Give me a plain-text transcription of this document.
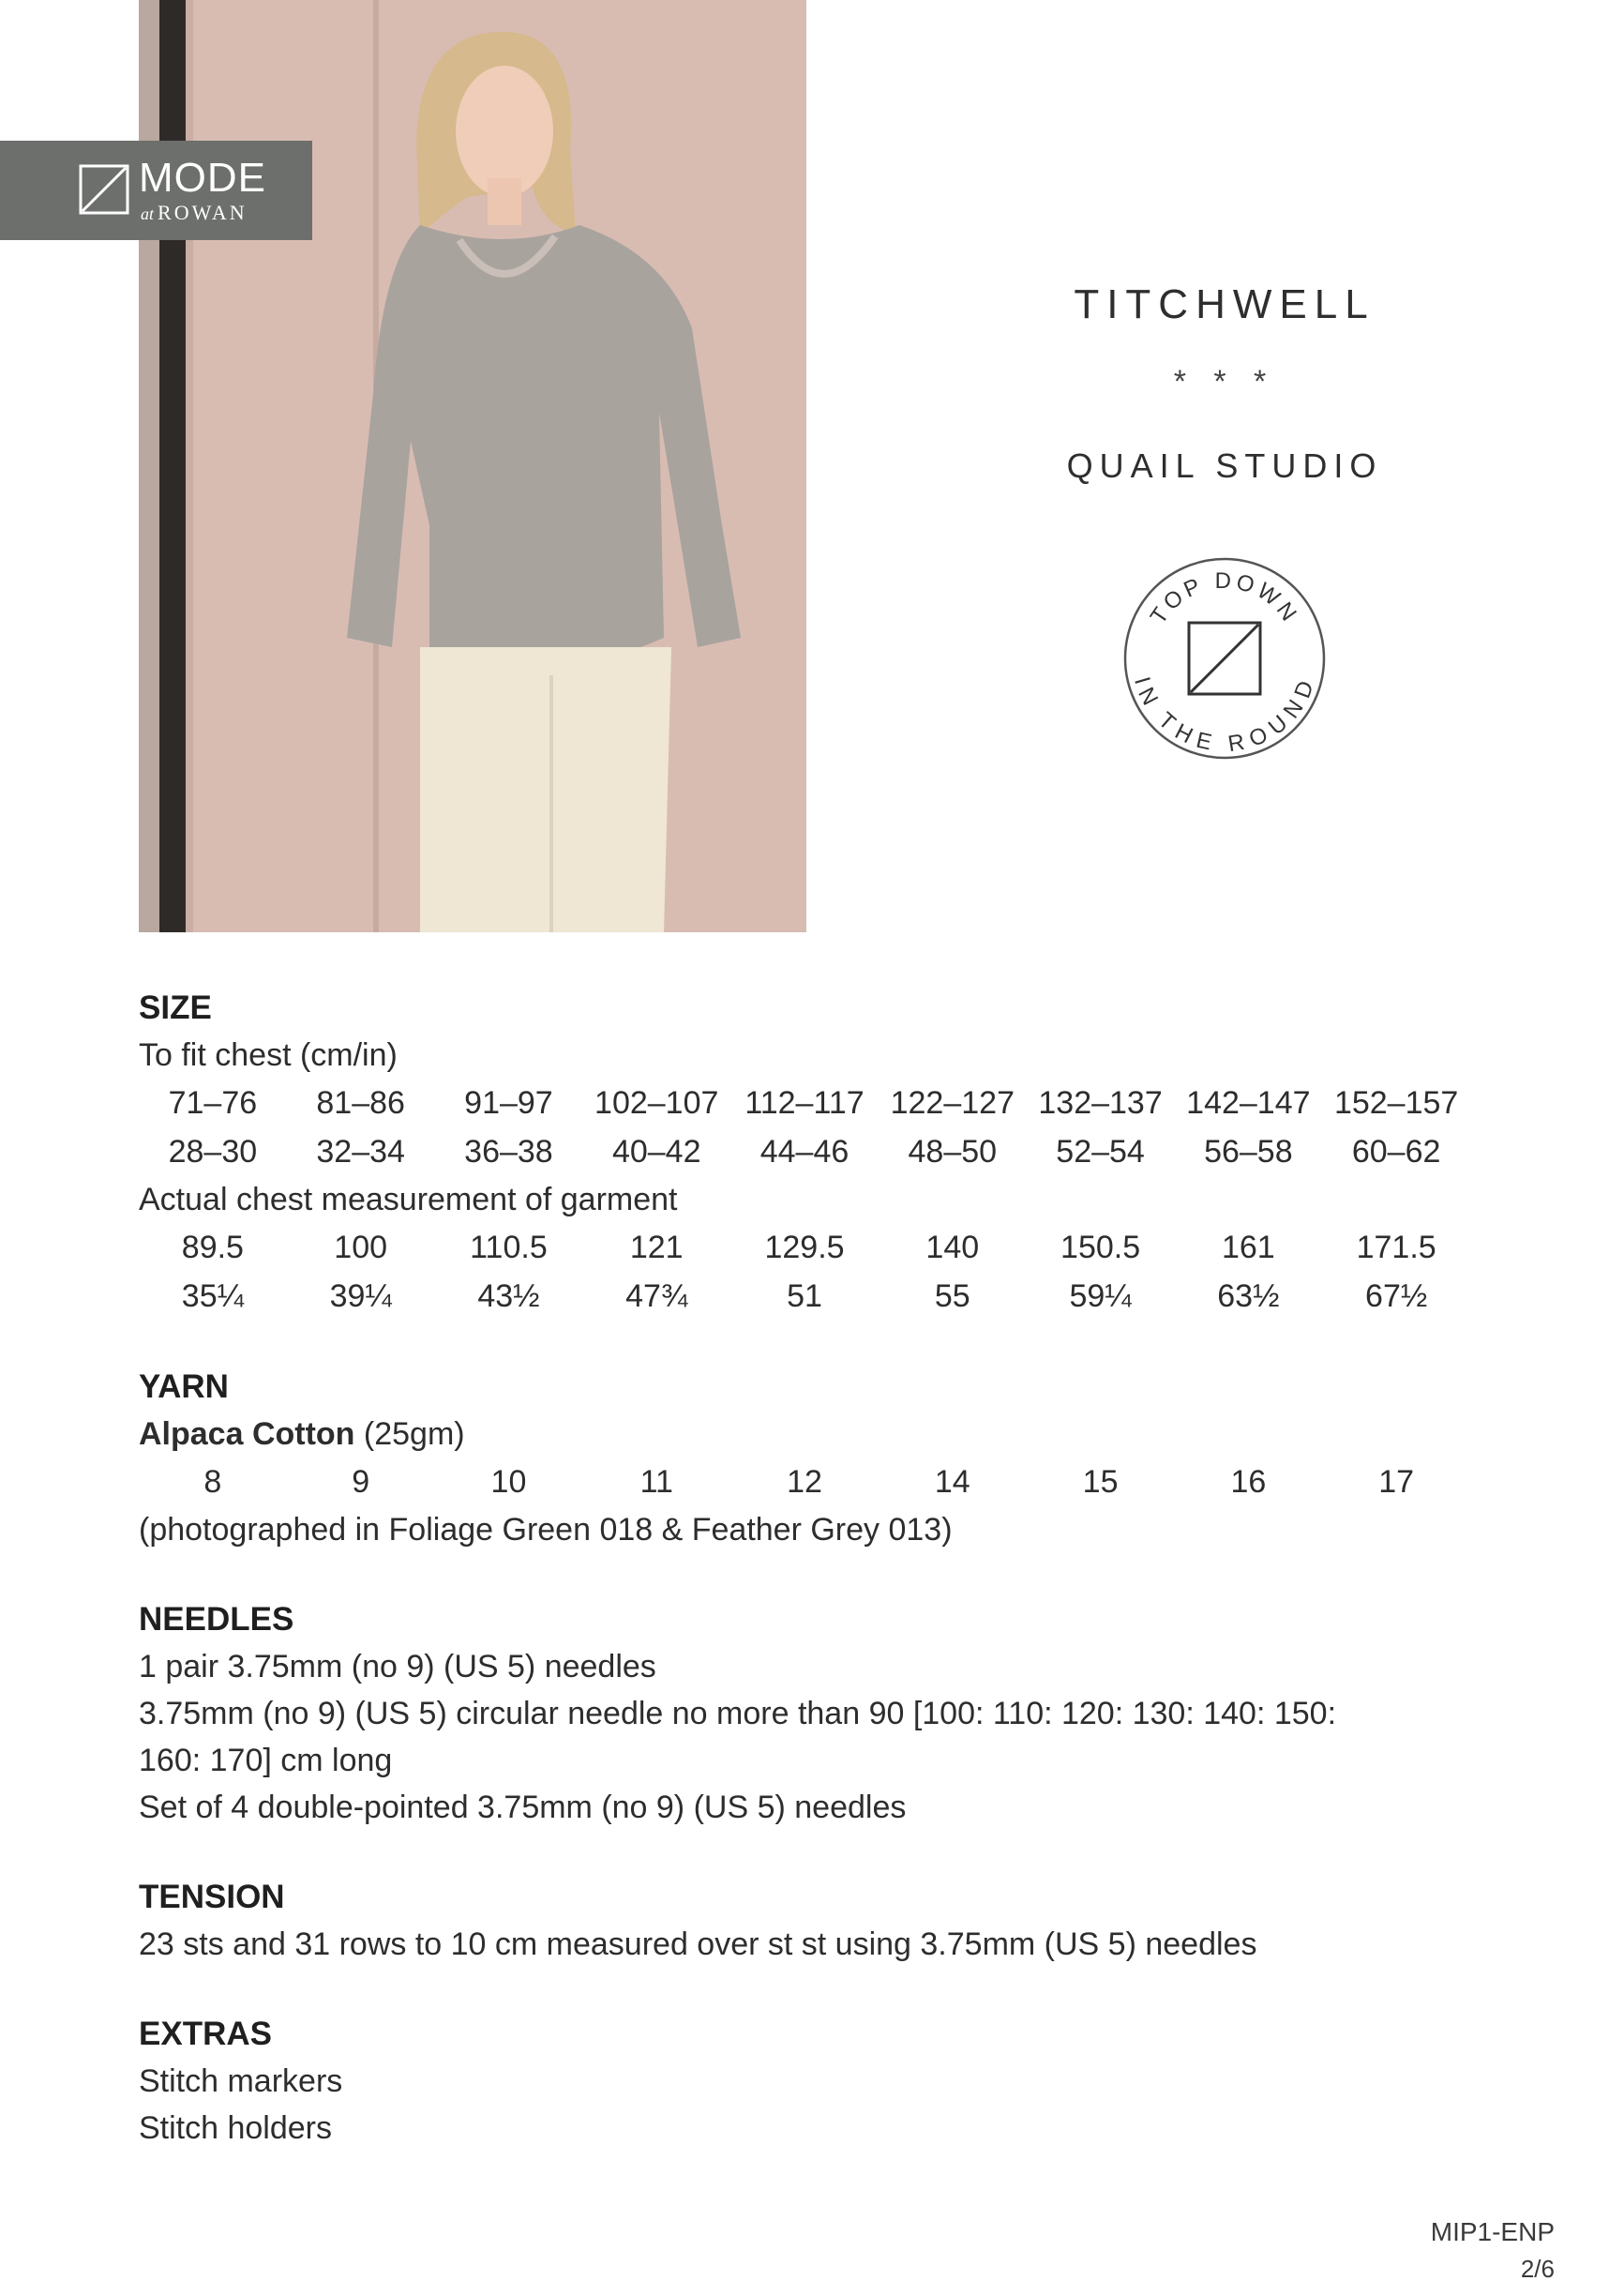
MODE
at ROWAN
TITCHWELL
* * *
QUAIL STUDIO
TOP DOWN
IN THE ROUND
SIZE
To fit chest (cm/in)
71–76	81–86	91–97	102–107 112–117 122–127 132–137 142–147 152–157
28–30	32–34	36–38	40–42	44–46	48–50	52–54	56–58	60–62
Actual chest measurement of garment
89.5	100	110.5	121	129.5	140	150.5	161	171.5
35¼	39¼	43½	47¾	51	55	59¼	63½	67½
YARN
Alpaca Cotton (25gm)
8	9	10	11	12	14	15	16	17
(photographed in Foliage Green 018 & Feather Grey 013)
NEEDLES
1 pair 3.75mm (no 9) (US 5) needles
3.75mm (no 9) (US 5) circular needle no more than 90 [100: 110: 120: 130: 140: 150:
160: 170] cm long
Set of 4 double-pointed 3.75mm (no 9) (US 5) needles
TENSION
23 sts and 31 rows to 10 cm measured over st st using 3.75mm (US 5) needles
EXTRAS
Stitch markers
Stitch holders
MIP1-ENP
2/6
